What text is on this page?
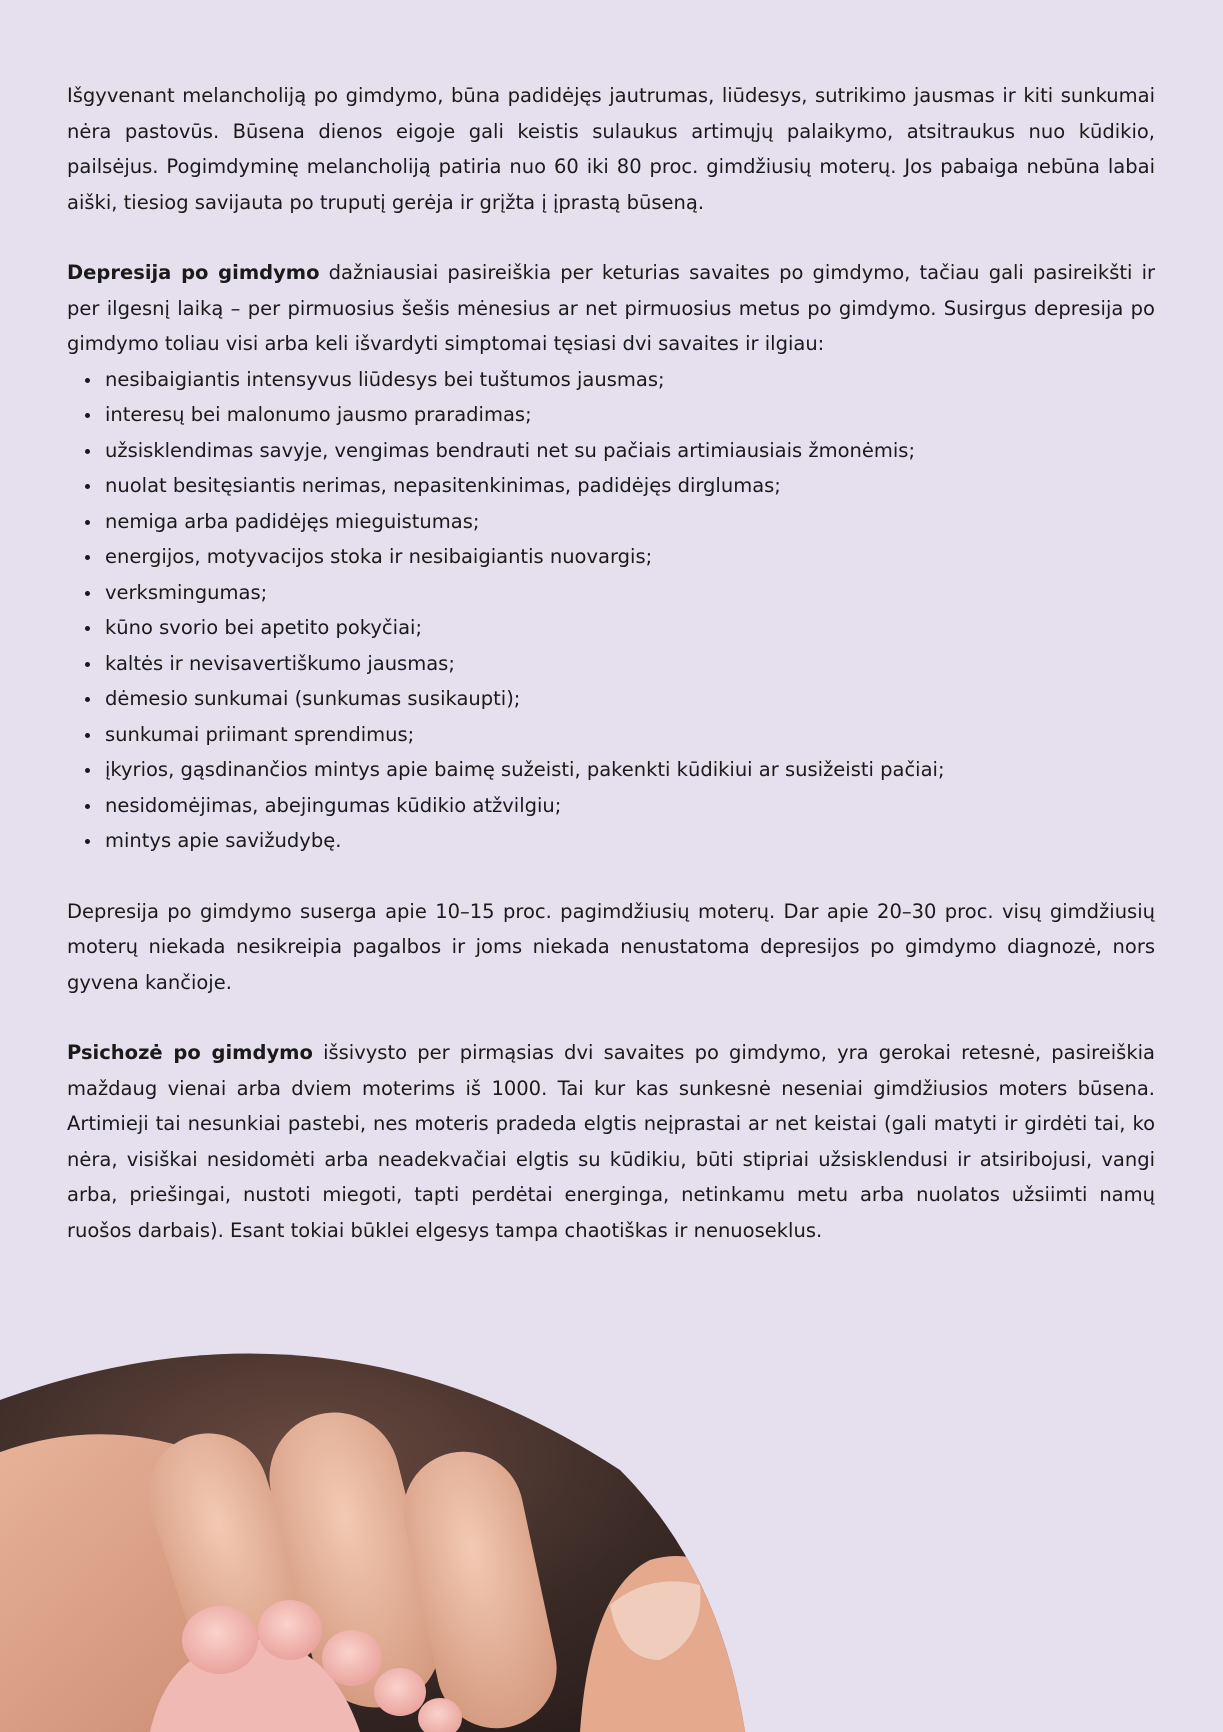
Išgyvenant melancholiją po gimdymo, būna padidėjęs jautrumas, liūdesys, sutrikimo jausmas ir kiti sunkumai nėra pastovūs. Būsena dienos eigoje gali keistis sulaukus artimųjų palaikymo, atsitraukus nuo kūdikio, pailsėjus. Pogimdyminę melancholiją patiria nuo 60 iki 80 proc. gimdžiusių moterų. Jos pabaiga nebūna labai aiški, tiesiog savijauta po truputį gerėja ir grįžta į įprastą būseną.

Depresija po gimdymo dažniausiai pasireiškia per keturias savaites po gimdymo, tačiau gali pasireikšti ir per ilgesnį laiką – per pirmuosius šešis mėnesius ar net pirmuosius metus po gimdymo. Susirgus depresija po gimdymo toliau visi arba keli išvardyti simptomai tęsiasi dvi savaites ir ilgiau:

nesibaigiantis intensyvus liūdesys bei tuštumos jausmas;
interesų bei malonumo jausmo praradimas;
užsisklendimas savyje, vengimas bendrauti net su pačiais artimiausiais žmonėmis;
nuolat besitęsiantis nerimas, nepasitenkinimas, padidėjęs dirglumas;
nemiga arba padidėjęs mieguistumas;
energijos, motyvacijos stoka ir nesibaigiantis nuovargis;
verksmingumas;
kūno svorio bei apetito pokyčiai;
kaltės ir nevisavertiškumo jausmas;
dėmesio sunkumai (sunkumas susikaupti);
sunkumai priimant sprendimus;
įkyrios, gąsdinančios mintys apie baimę sužeisti, pakenkti kūdikiui ar susižeisti pačiai;
nesidomėjimas, abejingumas kūdikio atžvilgiu;
mintys apie savižudybę.

Depresija po gimdymo suserga apie 10–15 proc. pagimdžiusių moterų. Dar apie 20–30 proc. visų gimdžiusių moterų niekada nesikreipia pagalbos ir joms niekada nenustatoma depresijos po gimdymo diagnozė, nors gyvena kančioje.

Psichozė po gimdymo išsivysto per pirmąsias dvi savaites po gimdymo, yra gerokai retesnė, pasireiškia maždaug vienai arba dviem moterims iš 1000. Tai kur kas sunkesnė neseniai gimdžiusios moters būsena. Artimieji tai nesunkiai pastebi, nes moteris pradeda elgtis neįprastai ar net keistai (gali matyti ir girdėti tai, ko nėra, visiškai nesidomėti arba neadekvačiai elgtis su kūdikiu, būti stipriai užsisklendusi ir atsiribojusi, vangi arba, priešingai, nustoti miegoti, tapti perdėtai energinga, netinkamu metu arba nuolatos užsiimti namų ruošos darbais). Esant tokiai būklei elgesys tampa chaotiškas ir nenuoseklus.
